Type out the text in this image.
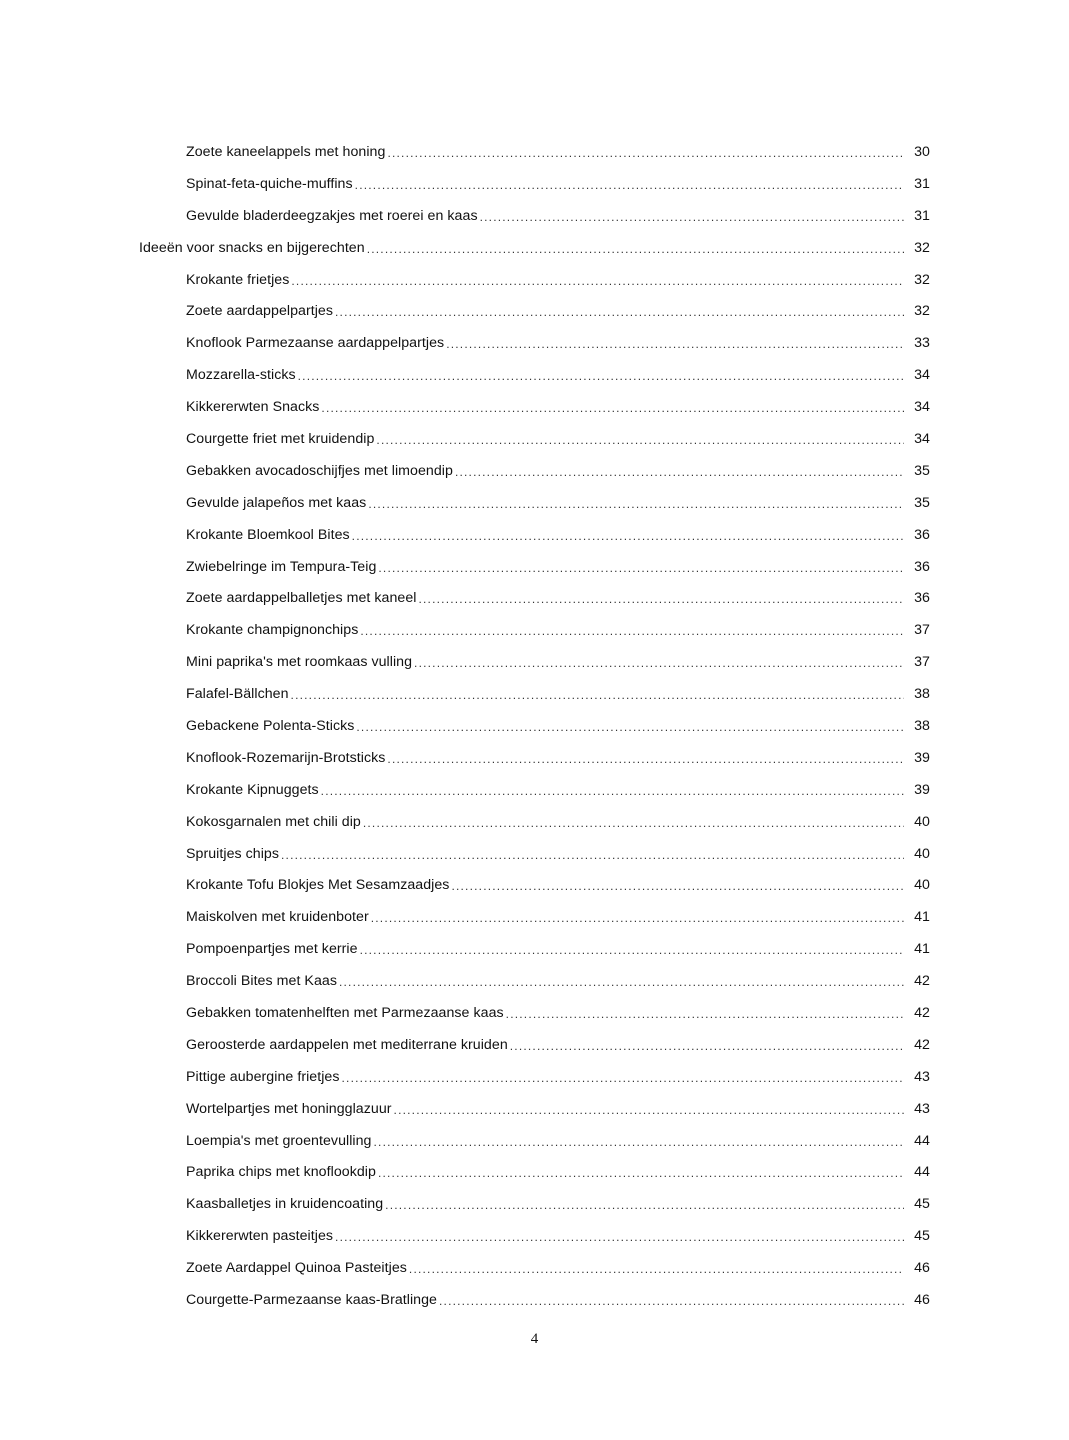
Zoete kaneelappels met honing .....	30
Spinat-feta-quiche-muffins .....	31
Gevulde bladerdeegzakjes met roerei en kaas .....	31
Ideeën voor snacks en bijgerechten .....	32
Krokante frietjes .....	32
Zoete aardappelpartjes .....	32
Knoflook Parmezaanse aardappelpartjes .....	33
Mozzarella-sticks .....	34
Kikkererwten Snacks .....	34
Courgette friet met kruidendip .....	34
Gebakken avocadoschijfjes met limoendip .....	35
Gevulde jalapeños met kaas .....	35
Krokante Bloemkool Bites .....	36
Zwiebelringe im Tempura-Teig .....	36
Zoete aardappelballetjes met kaneel .....	36
Krokante champignonchips .....	37
Mini paprika's met roomkaas vulling .....	37
Falafel-Bällchen .....	38
Gebackene Polenta-Sticks .....	38
Knoflook-Rozemarijn-Brotsticks .....	39
Krokante Kipnuggets .....	39
Kokosgarnalen met chili dip .....	40
Spruitjes chips .....	40
Krokante Tofu Blokjes Met Sesamzaadjes .....	40
Maiskolven met kruidenboter .....	41
Pompoenpartjes met kerrie .....	41
Broccoli Bites met Kaas .....	42
Gebakken tomatenhelften met Parmezaanse kaas .....	42
Geroosterde aardappelen met mediterrane kruiden .....	42
Pittige aubergine frietjes .....	43
Wortelpartjes met honingglazuur .....	43
Loempia's met groentevulling .....	44
Paprika chips met knoflookdip .....	44
Kaasballetjes in kruidencoating .....	45
Kikkererwten pasteitjes .....	45
Zoete Aardappel Quinoa Pasteitjes .....	46
Courgette-Parmezaanse kaas-Bratlinge .....	46
4
